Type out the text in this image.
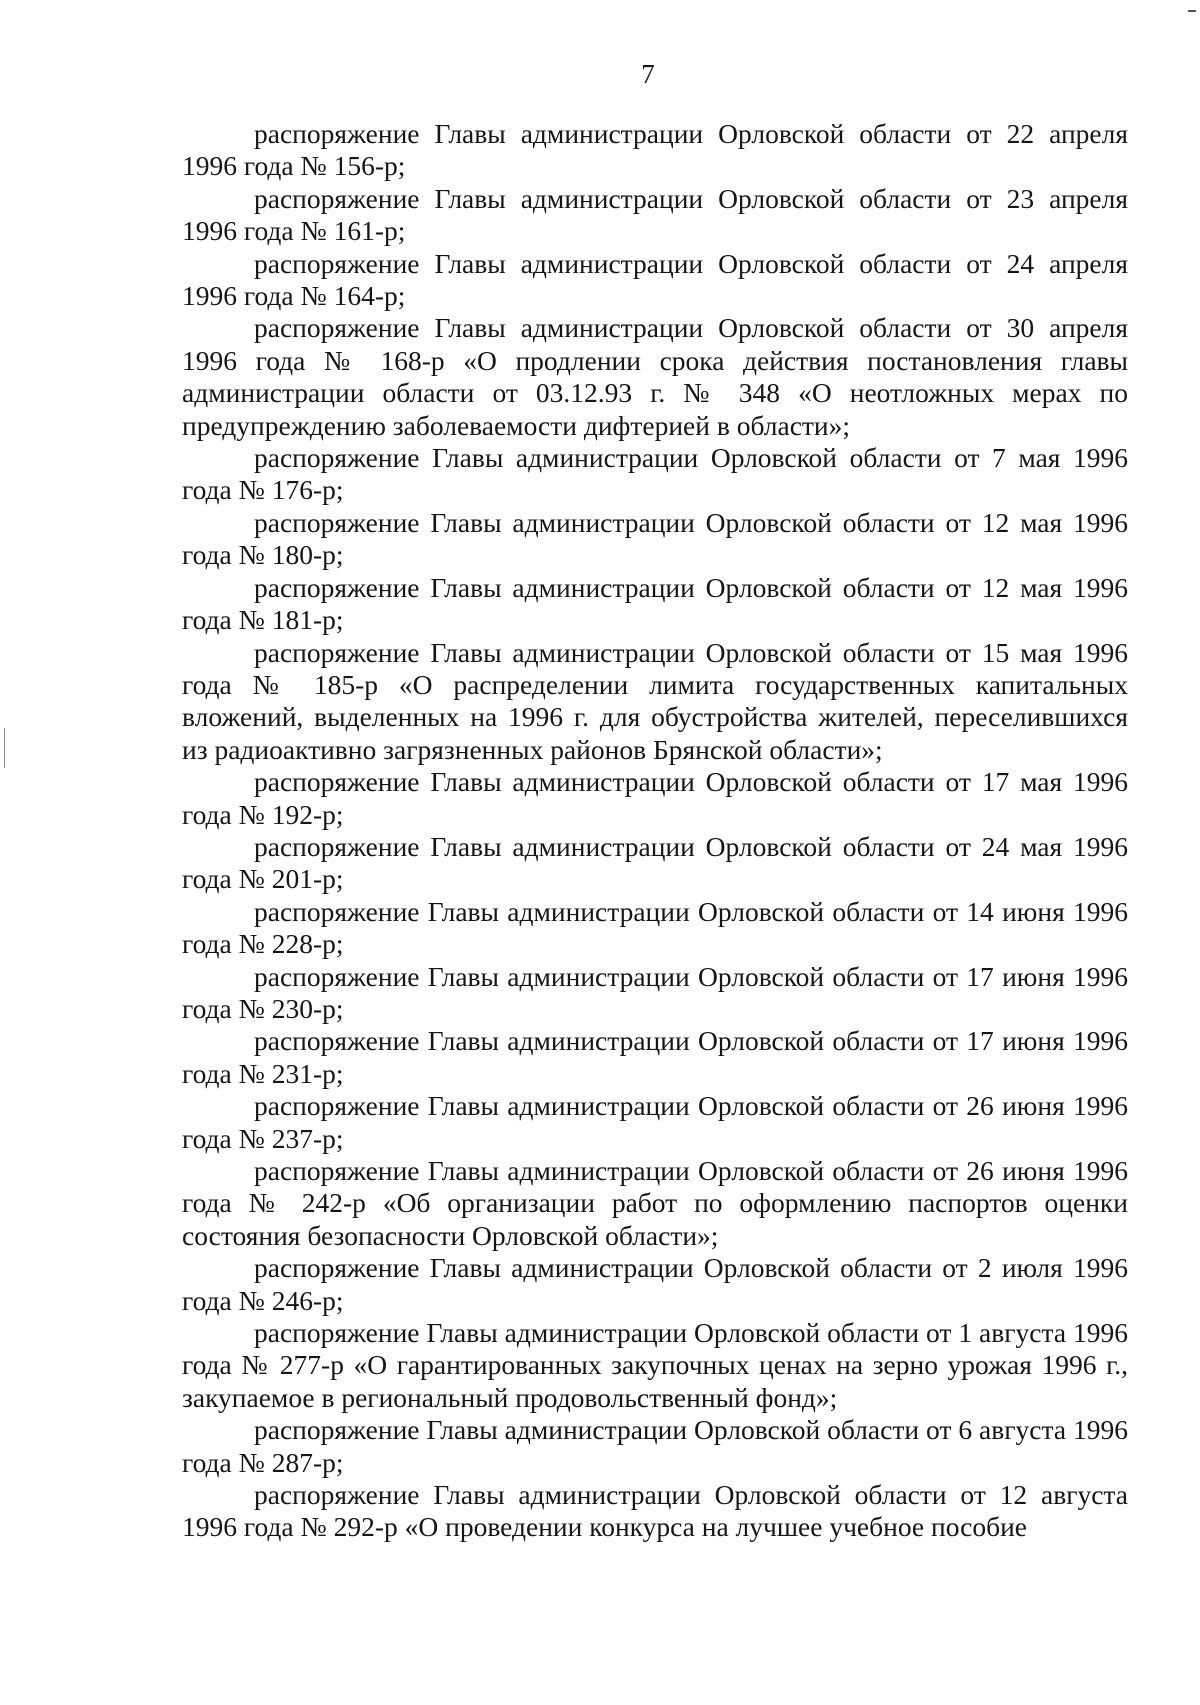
7

распоряжение Главы администрации Орловской области от 22 апреля 1996 года № 156-р;

распоряжение Главы администрации Орловской области от 23 апреля 1996 года № 161-р;

распоряжение Главы администрации Орловской области от 24 апреля 1996 года № 164-р;

распоряжение Главы администрации Орловской области от 30 апреля 1996 года № 168-р «О продлении срока действия постановления главы администрации области от 03.12.93 г. № 348 «О неотложных мерах по предупреждению заболеваемости дифтерией в области»;

распоряжение Главы администрации Орловской области от 7 мая 1996 года № 176-р;

распоряжение Главы администрации Орловской области от 12 мая 1996 года № 180-р;

распоряжение Главы администрации Орловской области от 12 мая 1996 года № 181-р;

распоряжение Главы администрации Орловской области от 15 мая 1996 года № 185-р «О распределении лимита государственных капитальных вложений, выделенных на 1996 г. для обустройства жителей, переселившихся из радиоактивно загрязненных районов Брянской области»;

распоряжение Главы администрации Орловской области от 17 мая 1996 года № 192-р;

распоряжение Главы администрации Орловской области от 24 мая 1996 года № 201-р;

распоряжение Главы администрации Орловской области от 14 июня 1996 года № 228-р;

распоряжение Главы администрации Орловской области от 17 июня 1996 года № 230-р;

распоряжение Главы администрации Орловской области от 17 июня 1996 года № 231-р;

распоряжение Главы администрации Орловской области от 26 июня 1996 года № 237-р;

распоряжение Главы администрации Орловской области от 26 июня 1996 года № 242-р «Об организации работ по оформлению паспортов оценки состояния безопасности Орловской области»;

распоряжение Главы администрации Орловской области от 2 июля 1996 года № 246-р;

распоряжение Главы администрации Орловской области от 1 августа 1996 года № 277-р «О гарантированных закупочных ценах на зерно урожая 1996 г., закупаемое в региональный продовольственный фонд»;

распоряжение Главы администрации Орловской области от 6 августа 1996 года № 287-р;

распоряжение Главы администрации Орловской области от 12 августа 1996 года № 292-р «О проведении конкурса на лучшее учебное пособие
